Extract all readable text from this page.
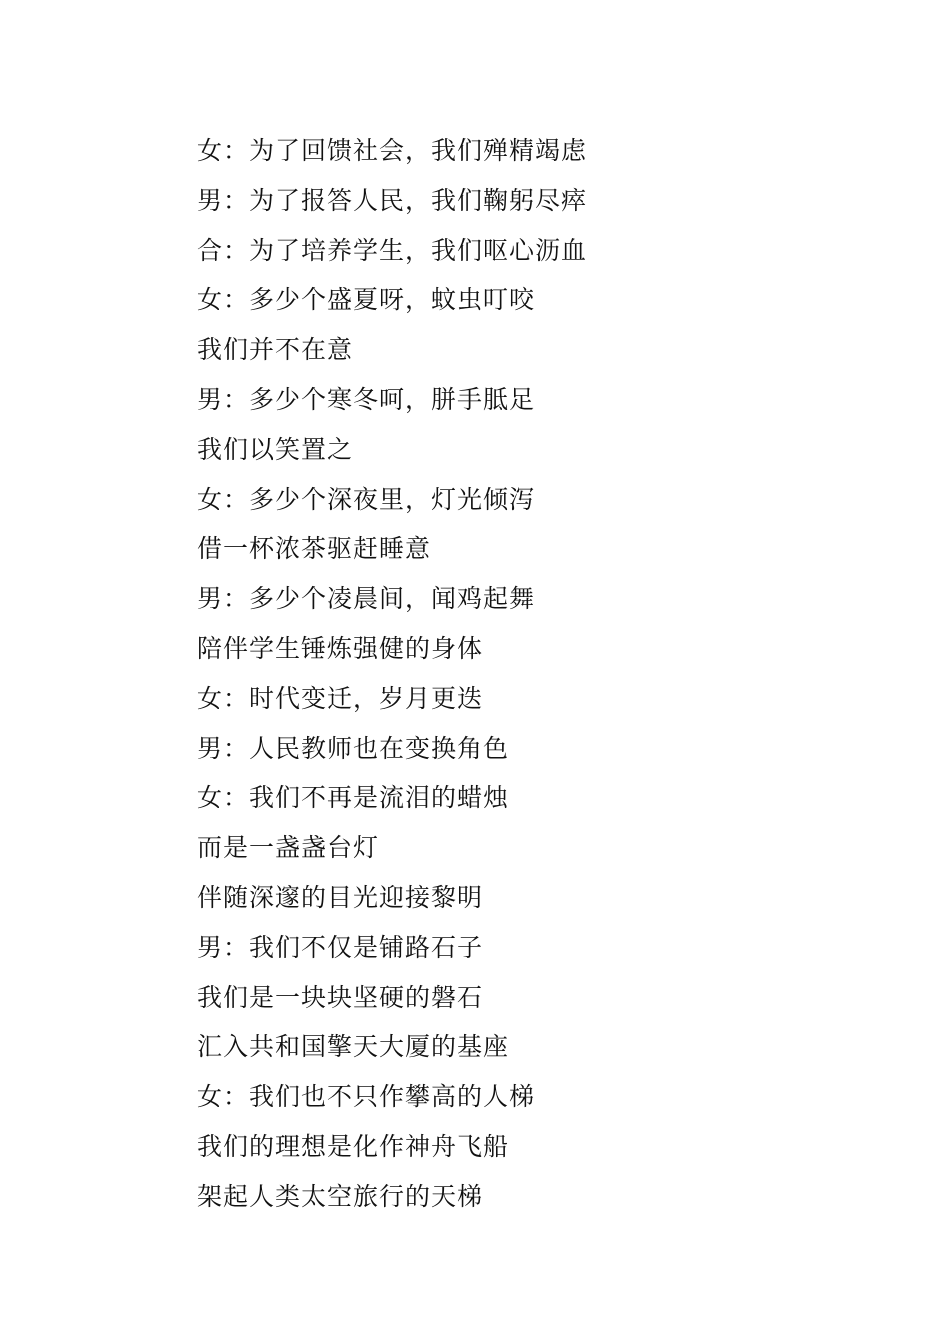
女：为了回馈社会，我们殚精竭虑
男：为了报答人民，我们鞠躬尽瘁
合：为了培养学生，我们呕心沥血
女：多少个盛夏呀，蚊虫叮咬
我们并不在意
男：多少个寒冬呵，胼手胝足
我们以笑置之
女：多少个深夜里，灯光倾泻
借一杯浓茶驱赶睡意
男：多少个凌晨间，闻鸡起舞
陪伴学生锤炼强健的身体
女：时代变迁，岁月更迭
男：人民教师也在变换角色
女：我们不再是流泪的蜡烛
而是一盏盏台灯
伴随深邃的目光迎接黎明
男：我们不仅是铺路石子
我们是一块块坚硬的磐石
汇入共和国擎天大厦的基座
女：我们也不只作攀高的人梯
我们的理想是化作神舟飞船
架起人类太空旅行的天梯
